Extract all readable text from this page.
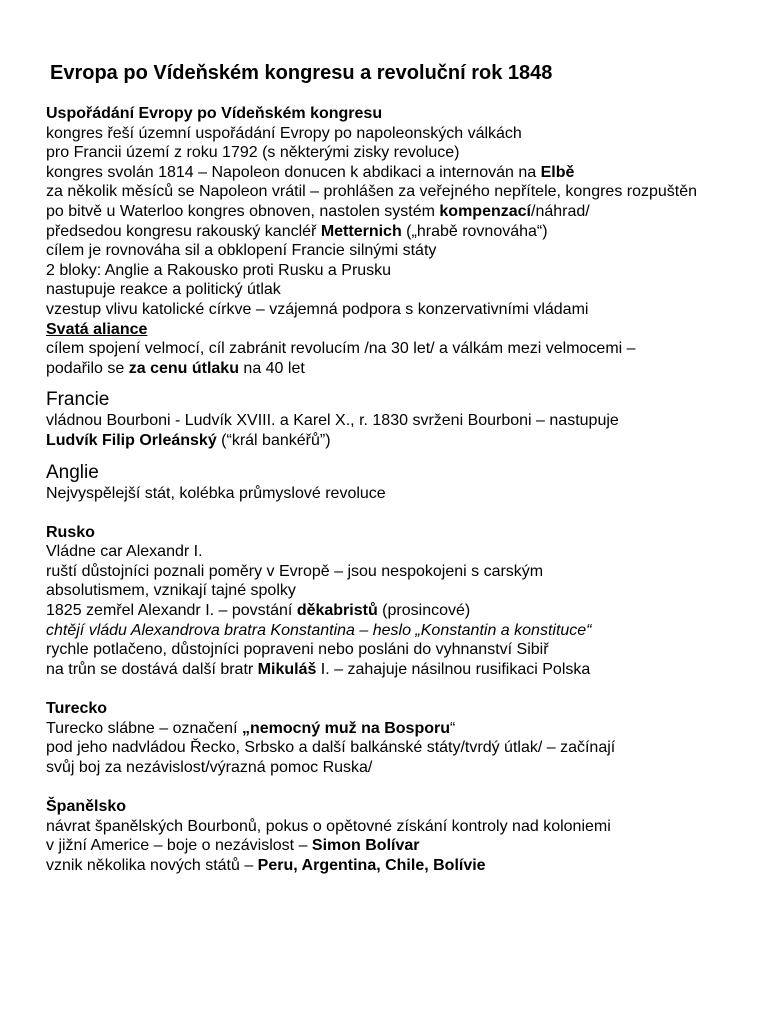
Evropa po Vídeňském kongresu a revoluční rok 1848
Uspořádání Evropy po Vídeňském kongresu
kongres řeší územní uspořádání Evropy po napoleonských válkách
pro Francii území z roku 1792 (s některými zisky revoluce)
kongres svolán 1814 – Napoleon donucen k abdikaci a internován na Elbě
za několik měsíců se Napoleon vrátil – prohlášen za veřejného nepřítele, kongres rozpuštěn
po bitvě u Waterloo kongres obnoven, nastolen systém kompenzací/náhrad/
předsedou kongresu rakouský kancléř Metternich („hrabě rovnováha“)
cílem je rovnováha sil a obklopení Francie silnými státy
2 bloky: Anglie a Rakousko proti Rusku a Prusku
nastupuje reakce a politický útlak
vzestup vlivu katolické církve – vzájemná podpora s konzervativními vládami
Svatá aliance
cílem spojení velmocí, cíl zabránit revolucím /na 30 let/ a válkám mezi velmocemi –
podařilo se za cenu útlaku na 40 let
Francie
vládnou Bourboni - Ludvík XVIII. a Karel X., r. 1830 svrženi Bourboni – nastupuje
Ludvík Filip Orleánský (“král bankéřů”)
Anglie
Nejvyspělejší stát, kolébka průmyslové revoluce
Rusko
Vládne car Alexandr I.
ruští důstojníci poznali poměry v Evropě – jsou nespokojeni s carským
absolutismem, vznikají tajné spolky
1825 zemřel Alexandr I. – povstání děkabristů (prosincové)
chtějí vládu Alexandrova bratra Konstantina – heslo „Konstantin a konstituce“
rychle potlačeno, důstojníci popraveni nebo posláni do vyhnanství Sibiř
na trůn se dostává další bratr Mikuláš I. – zahajuje násilnou rusifikaci Polska
Turecko
Turecko slábne – označení „nemocný muž na Bosporu“
pod jeho nadvládou Řecko, Srbsko a další balkánské státy/tvrdý útlak/ – začínají
svůj boj za nezávislost/výrazná pomoc Ruska/
Španělsko
návrat španělských Bourbonů, pokus o opětovné získání kontroly nad koloniemi
v jižní Americe – boje o nezávislost – Simon Bolívar
vznik několika nových států – Peru, Argentina, Chile, Bolívie
